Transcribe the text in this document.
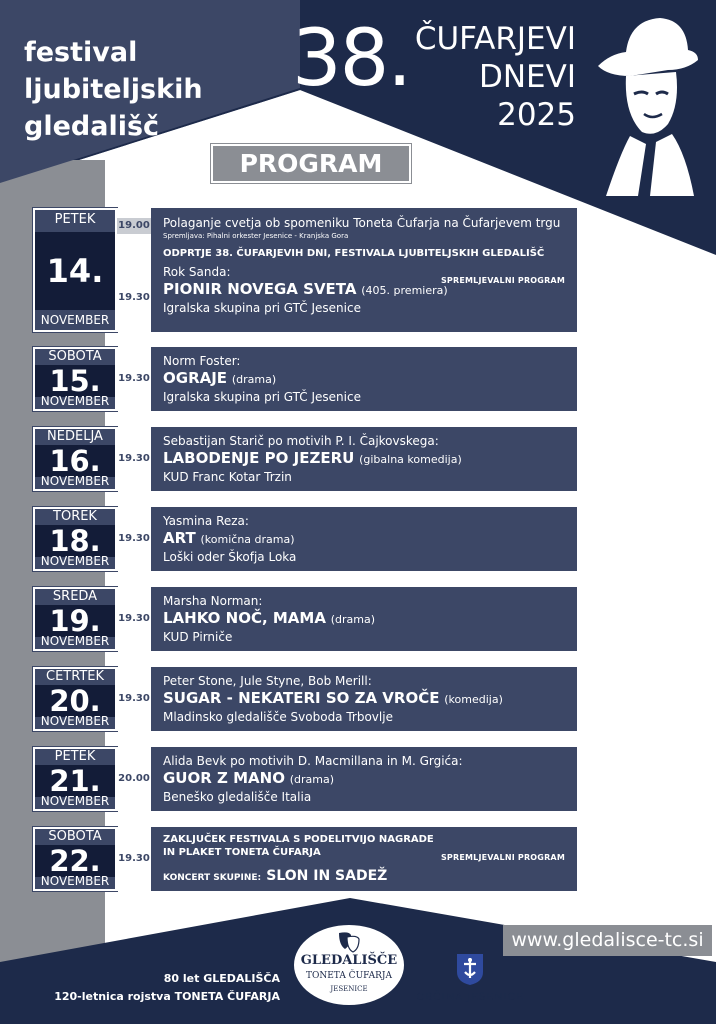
festival
ljubiteljskih
gledališč
38. ČUFARJEVI
DNEVI
2025
PROGRAM
PETEK
14.
NOVEMBER
19.00
19.30
Polaganje cvetja ob spomeniku Toneta Čufarja na Čufarjevem trgu
Spremljava: Pihalni orkester Jesenice - Kranjska Gora
ODPRTJE 38. ČUFARJEVIH DNI, FESTIVALA LJUBITELJSKIH GLEDALIŠČ
SPREMLJEVALNI PROGRAM
Rok Sanda:
PIONIR NOVEGA SVETA (405. premiera)
Igralska skupina pri GTČ Jesenice
SOBOTA
15.
NOVEMBER
19.30
Norm Foster:
OGRAJE (drama)
Igralska skupina pri GTČ Jesenice
NEDELJA
16.
NOVEMBER
19.30
Sebastijan Starič po motivih P. I. Čajkovskega:
LABODENJE PO JEZERU (gibalna komedija)
KUD Franc Kotar Trzin
TOREK
18.
NOVEMBER
19.30
Yasmina Reza:
ART (komična drama)
Loški oder Škofja Loka
SREDA
19.
NOVEMBER
19.30
Marsha Norman:
LAHKO NOČ, MAMA (drama)
KUD Pirniče
ČETRTEK
20.
NOVEMBER
19.30
Peter Stone, Jule Styne, Bob Merill:
SUGAR - NEKATERI SO ZA VROČE (komedija)
Mladinsko gledališče Svoboda Trbovlje
PETEK
21.
NOVEMBER
20.00
Alida Bevk po motivih D. Macmillana in M. Grgića:
GUOR Z MANO (drama)
Beneško gledališče Italia
SOBOTA
22.
NOVEMBER
19.30
ZAKLJUČEK FESTIVALA S PODELITVIJO NAGRADE
IN PLAKET TONETA ČUFARJA	SPREMLJEVALNI PROGRAM
KONCERT SKUPINE: SLON IN SADEŽ
www.gledalisce-tc.si
80 let GLEDALIŠČA
120-letnica rojstva TONETA ČUFARJA
GLEDALIŠČE
TONETA ČUFARJA
JESENICE
OBČINA JESENICE
